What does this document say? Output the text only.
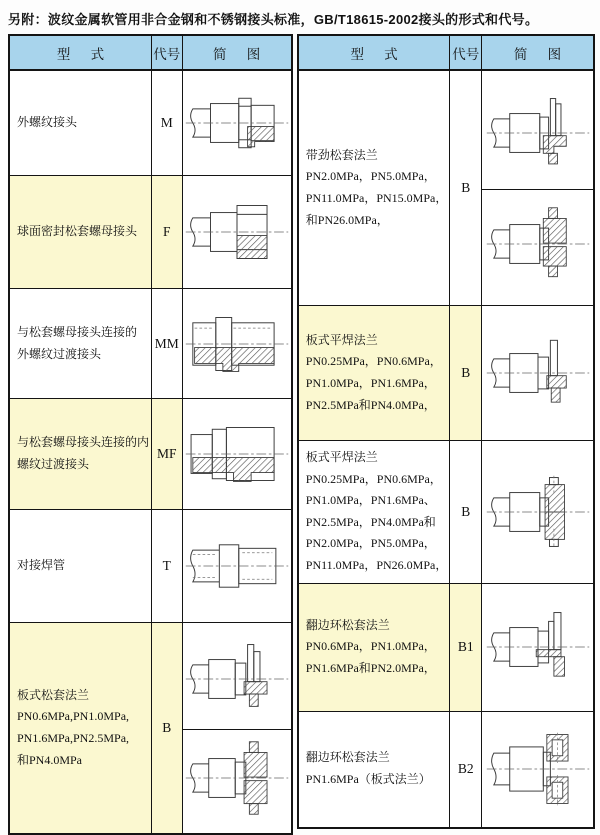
另附：波纹金属软管用非合金钢和不锈钢接头标准，GB/T18615-2002接头的形式和代号。
型      式	代号	简      图

外螺纹接头	M	

球面密封松套螺母接头	F	

与松套螺母接头连接的
外螺纹过渡接头	MM	

与松套螺母接头连接的内
螺纹过渡接头	MF	

对接焊管	T	

板式松套法兰
PN0.6MPa,PN1.0MPa,
PN1.6MPa,PN2.5MPa,
和PN4.0MPa	B	
型      式	代号	简      图

带劲松套法兰
PN2.0MPa，PN5.0MPa，
PN11.0MPa，PN15.0MPa，
和PN26.0MPa，	B	

板式平焊法兰
PN0.25MPa，PN0.6MPa，
PN1.0MPa，PN1.6MPa，
PN2.5MPa和PN4.0MPa，	B	

板式平焊法兰
PN0.25MPa，PN0.6MPa，
PN1.0MPa，PN1.6MPa、
PN2.5MPa，PN4.0MPa和
PN2.0MPa，PN5.0MPa，
PN11.0MPa，PN26.0MPa，
	B	

翻边环松套法兰
PN0.6MPa，PN1.0MPa，
PN1.6MPa和PN2.0MPa，	B1	

翻边环松套法兰
PN1.6MPa（板式法兰）	B2	
